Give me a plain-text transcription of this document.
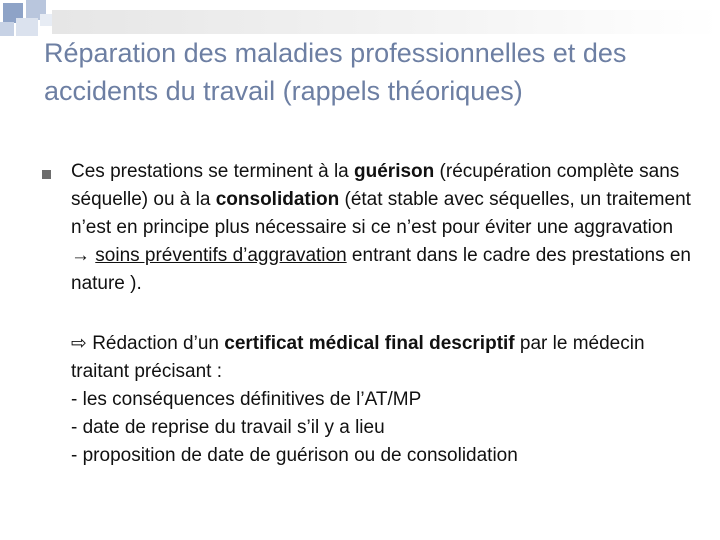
Réparation des maladies professionnelles et des accidents du travail (rappels théoriques)

Ces prestations se terminent à la guérison (récupération complète sans séquelle) ou à la consolidation (état stable avec séquelles, un traitement n’est en principe plus nécessaire si ce n’est pour éviter une aggravation
→ soins préventifs d’aggravation entrant dans le cadre des prestations en nature ).

⇨ Rédaction d’un certificat médical final descriptif par le médecin traitant précisant :

- les conséquences définitives de l’AT/MP

- date de reprise du travail s’il y a lieu

- proposition de date de guérison ou de consolidation
